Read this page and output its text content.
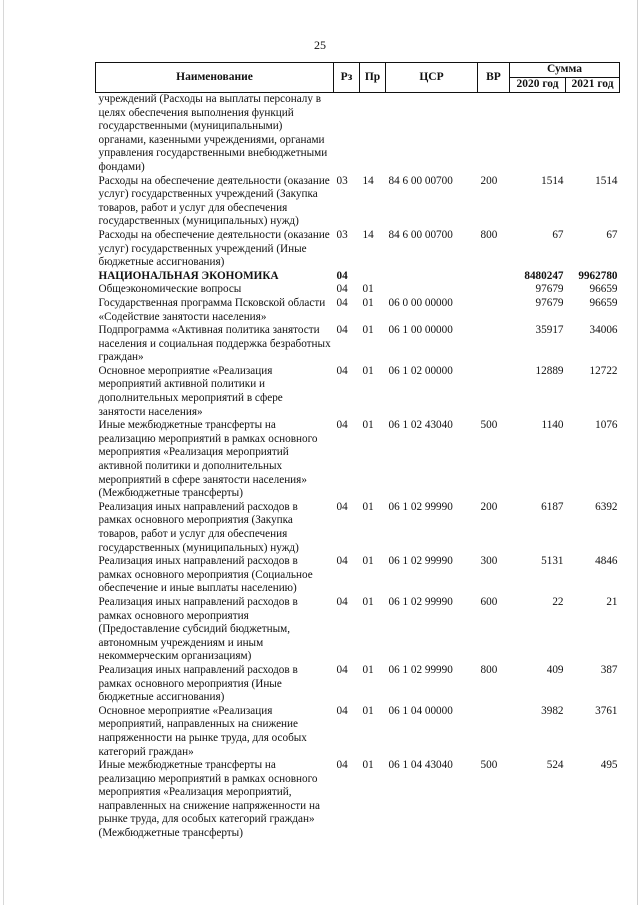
25
Наименование	Рз	Пр	ЦСР	ВР	Сумма	
					2020 год	2021 год
учреждений (Расходы на выплаты персоналу в целях обеспечения выполнения функций государственными (муниципальными) органами, казенными учреждениями, органами управления государственными внебюджетными фондами)						
Расходы на обеспечение деятельности (оказание услуг) государственных учреждений (Закупка товаров, работ и услуг для обеспечения государственных (муниципальных) нужд)	03	14	84 6 00 00700	200	1514	1514
Расходы на обеспечение деятельности (оказание услуг) государственных учреждений (Иные бюджетные ассигнования)	03	14	84 6 00 00700	800	67	67
НАЦИОНАЛЬНАЯ ЭКОНОМИКА	04				8480247	9962780
Общеэкономические вопросы	04	01			97679	96659
Государственная программа Псковской области «Содействие занятости населения»	04	01	06 0 00 00000		97679	96659
Подпрограмма «Активная политика занятости населения и социальная поддержка безработных граждан»	04	01	06 1 00 00000		35917	34006
Основное мероприятие «Реализация мероприятий активной политики и дополнительных мероприятий в сфере занятости населения»	04	01	06 1 02 00000		12889	12722
Иные межбюджетные трансферты на реализацию мероприятий в рамках основного мероприятия «Реализация мероприятий активной политики и дополнительных мероприятий в сфере занятости населения» (Межбюджетные трансферты)	04	01	06 1 02 43040	500	1140	1076
Реализация иных направлений расходов в рамках основного мероприятия (Закупка товаров, работ и услуг для обеспечения государственных (муниципальных) нужд)	04	01	06 1 02 99990	200	6187	6392
Реализация иных направлений расходов в рамках основного мероприятия (Социальное обеспечение и иные выплаты населению)	04	01	06 1 02 99990	300	5131	4846
Реализация иных направлений расходов в рамках основного мероприятия (Предоставление субсидий бюджетным, автономным учреждениям и иным некоммерческим организациям)	04	01	06 1 02 99990	600	22	21
Реализация иных направлений расходов в рамках основного мероприятия (Иные бюджетные ассигнования)	04	01	06 1 02 99990	800	409	387
Основное мероприятие «Реализация мероприятий, направленных на снижение напряженности на рынке труда, для особых категорий граждан»	04	01	06 1 04 00000		3982	3761
Иные межбюджетные трансферты на реализацию мероприятий в рамках основного мероприятия «Реализация мероприятий, направленных на снижение напряженности на рынке труда, для особых категорий граждан» (Межбюджетные трансферты)	04	01	06 1 04 43040	500	524	495
